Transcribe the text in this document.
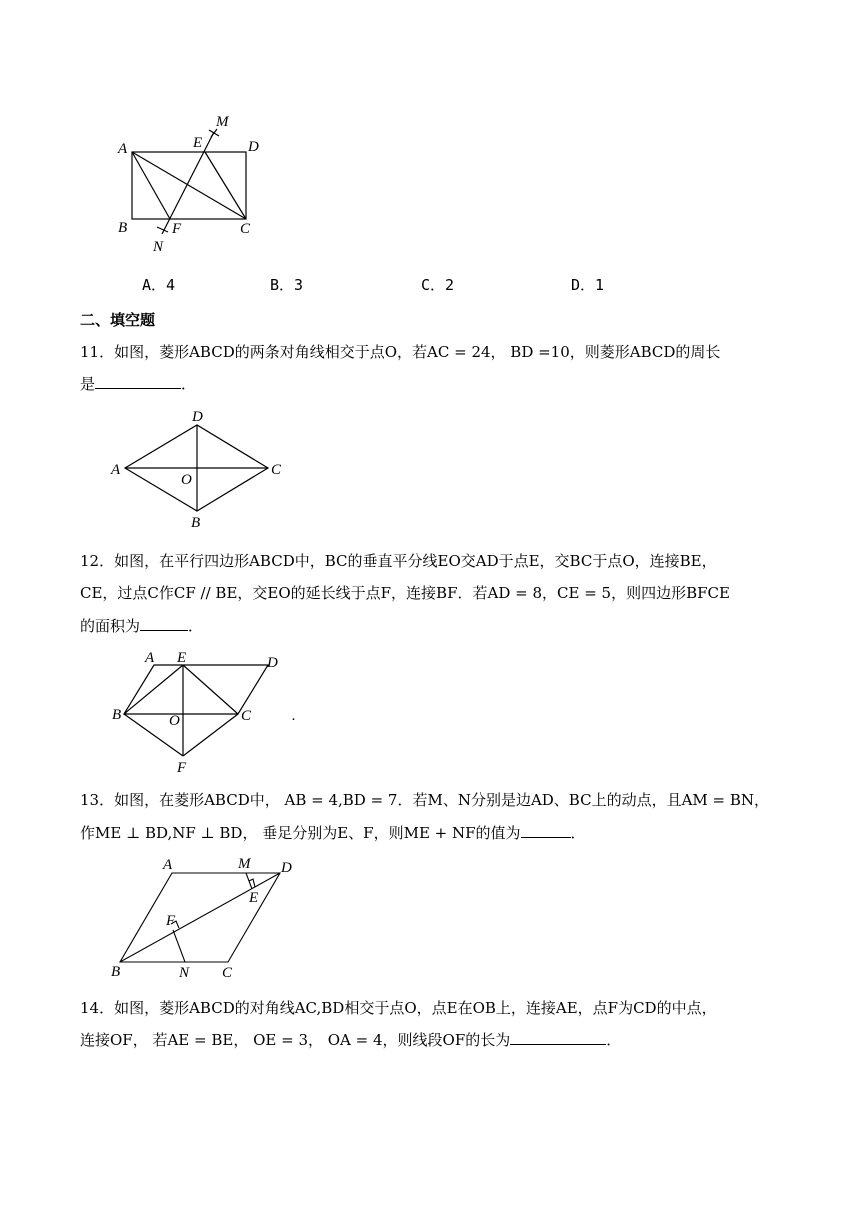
A
B	C
D
E
F
M
N
A．4	B．3	C．2	D．1
二、填空题
11．如图，菱形ABCD的两条对角线相交于点O，若AC = 24， BD =10，则菱形ABCD的周长
是	．
A
B
C
D
O
12．如图，在平行四边形ABCD中，BC的垂直平分线EO交AD于点E，交BC于点O，连接BE，
CE，过点C作CF // BE，交EO的延长线于点F，连接BF．若AD = 8，CE = 5，则四边形BFCE
的面积为	．
A E	D
B	C
O
F
.
13．如图，在菱形ABCD中， AB = 4,BD = 7．若M、N分别是边AD、BC上的动点，且AM = BN，
作ME ⊥ BD,NF ⊥ BD， 垂足分别为E、F，则ME + NF的值为	．
A	M D
E
F
B	N C
14．如图，菱形ABCD的对角线AC,BD相交于点O，点E在OB上，连接AE，点F为CD的中点，
连接OF， 若AE = BE， OE = 3， OA = 4，则线段OF的长为	．
